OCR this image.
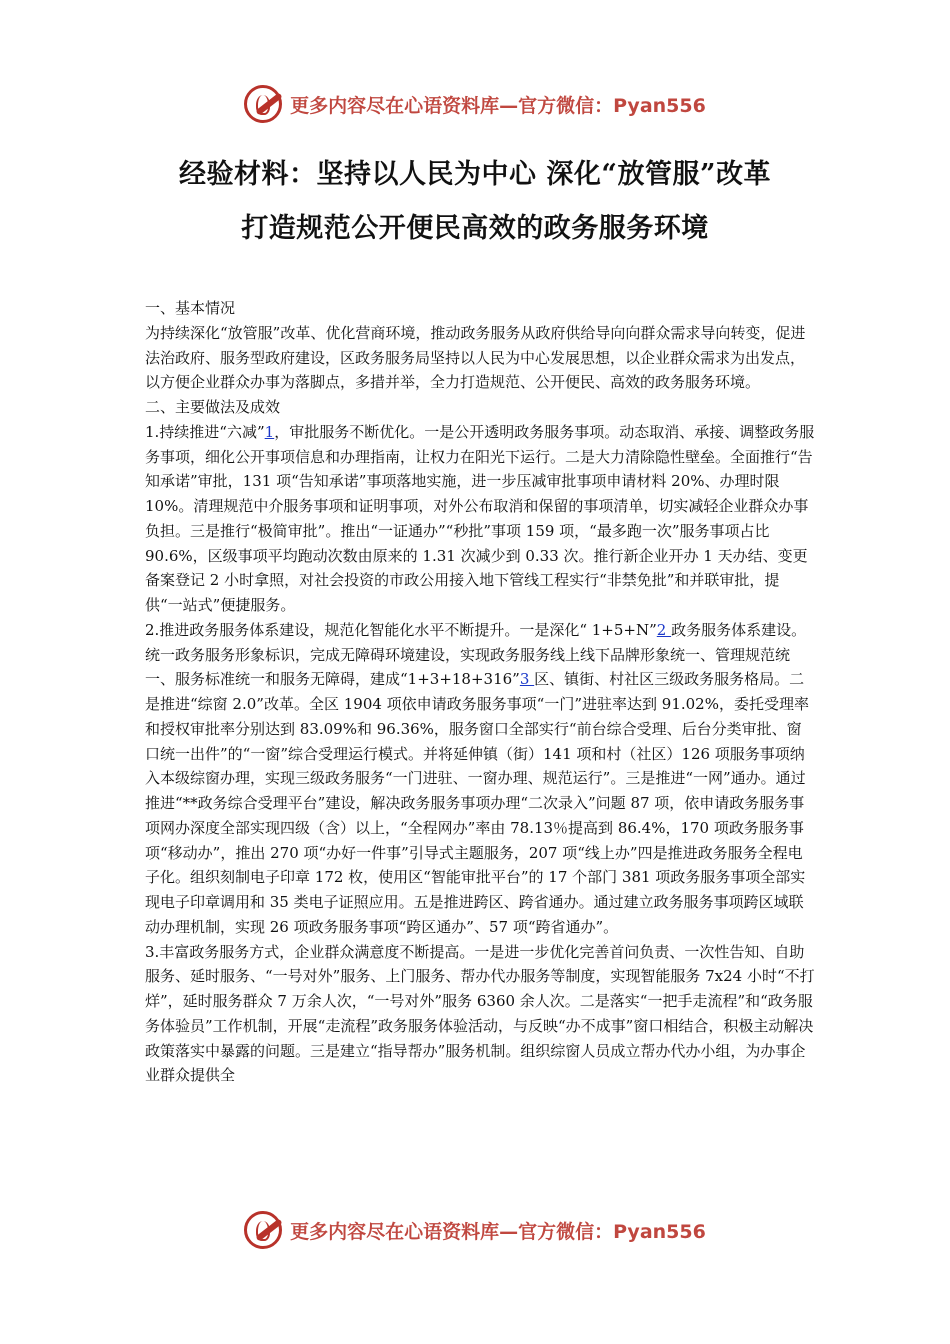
更多内容尽在心语资料库—官方微信：Pyan556
经验材料：坚持以人民为中心 深化“放管服”改革
打造规范公开便民高效的政务服务环境

一、基本情况

为持续深化“放管服”改革、优化营商环境，推动政务服务从政府供给导向向群众需求导向转变，促进法治政府、服务型政府建设，区政务服务局坚持以人民为中心发展思想，以企业群众需求为出发点，以方便企业群众办事为落脚点，多措并举，全力打造规范、公开便民、高效的政务服务环境。

二、主要做法及成效

1.持续推进“六减”1，审批服务不断优化。一是公开透明政务服务事项。动态取消、承接、调整政务服务事项，细化公开事项信息和办理指南，让权力在阳光下运行。二是大力清除隐性壁垒。全面推行“告知承诺”审批，131 项“告知承诺”事项落地实施，进一步压减审批事项申请材料 20%、办理时限 10%。清理规范中介服务事项和证明事项，对外公布取消和保留的事项清单，切实减轻企业群众办事负担。三是推行“极简审批”。推出“一证通办”“秒批”事项 159 项，“最多跑一次”服务事项占比 90.6%，区级事项平均跑动次数由原来的 1.31 次减少到 0.33 次。推行新企业开办 1 天办结、变更备案登记 2 小时拿照，对社会投资的市政公用接入地下管线工程实行“非禁免批”和并联审批，提供“一站式”便捷服务。

2.推进政务服务体系建设，规范化智能化水平不断提升。一是深化“ 1+5+N”2 政务服务体系建设。统一政务服务形象标识，完成无障碍环境建设，实现政务服务线上线下品牌形象统一、管理规范统一、服务标准统一和服务无障碍，建成“1+3+18+316”3 区、镇街、村社区三级政务服务格局。二是推进“综窗 2.0”改革。全区 1904 项依申请政务服务事项“一门”进驻率达到 91.02%，委托受理率和授权审批率分别达到 83.09%和 96.36%，服务窗口全部实行“前台综合受理、后台分类审批、窗口统一出件”的“一窗”综合受理运行模式。并将延伸镇（街）141 项和村（社区）126 项服务事项纳入本级综窗办理，实现三级政务服务“一门进驻、一窗办理、规范运行”。三是推进“一网”通办。通过推进“**政务综合受理平台”建设，解决政务服务事项办理“二次录入”问题 87 项，依申请政务服务事项网办深度全部实现四级（含）以上，“全程网办”率由 78.13％提高到 86.4%，170 项政务服务事项“移动办”，推出 270 项“办好一件事”引导式主题服务，207 项“线上办”四是推进政务服务全程电子化。组织刻制电子印章 172 枚，使用区“智能审批平台”的 17 个部门 381 项政务服务事项全部实现电子印章调用和 35 类电子证照应用。五是推进跨区、跨省通办。通过建立政务服务事项跨区域联动办理机制，实现 26 项政务服务事项“跨区通办”、57 项“跨省通办”。

3.丰富政务服务方式，企业群众满意度不断提高。一是进一步优化完善首问负责、一次性告知、自助服务、延时服务、“一号对外”服务、上门服务、帮办代办服务等制度，实现智能服务 7x24 小时“不打烊”，延时服务群众 7 万余人次，“一号对外”服务 6360 余人次。二是落实“一把手走流程”和“政务服务体验员”工作机制，开展“走流程”政务服务体验活动，与反映“办不成事”窗口相结合，积极主动解决政策落实中暴露的问题。三是建立“指导帮办”服务机制。组织综窗人员成立帮办代办小组，为办事企业群众提供全

更多内容尽在心语资料库—官方微信：Pyan556
